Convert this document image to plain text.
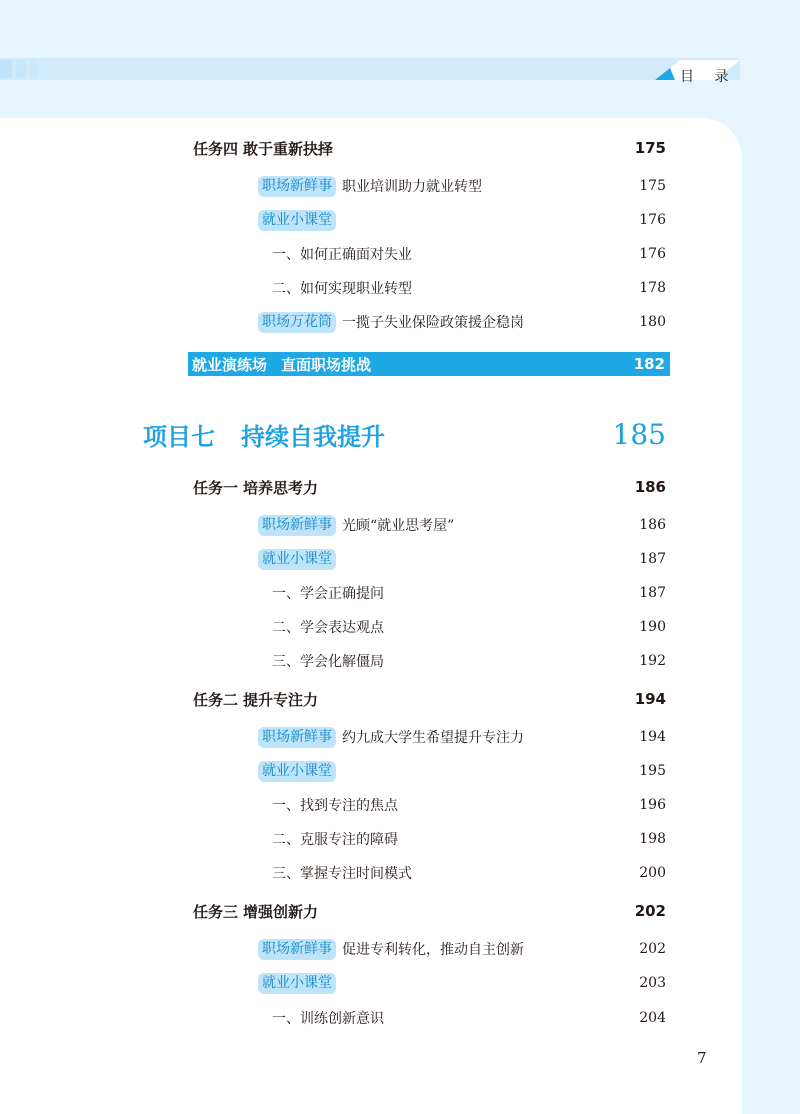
目 录
任务四 敢于重新抉择	175
职场新鲜事 职业培训助力就业转型	175
就业小课堂	176
一、如何正确面对失业	176
二、如何实现职业转型	178
职场万花筒 一揽子失业保险政策援企稳岗	180
就业演练场 直面职场挑战	182
项目七 持续自我提升	185
任务一 培养思考力	186
职场新鲜事 光顾“就业思考屋”	186
就业小课堂	187
一、学会正确提问	187
二、学会表达观点	190
三、学会化解僵局	192
任务二 提升专注力	194
职场新鲜事 约九成大学生希望提升专注力	194
就业小课堂	195
一、找到专注的焦点	196
二、克服专注的障碍	198
三、掌握专注时间模式	200
任务三 增强创新力	202
职场新鲜事 促进专利转化，推动自主创新	202
就业小课堂	203
一、训练创新意识	204
7
